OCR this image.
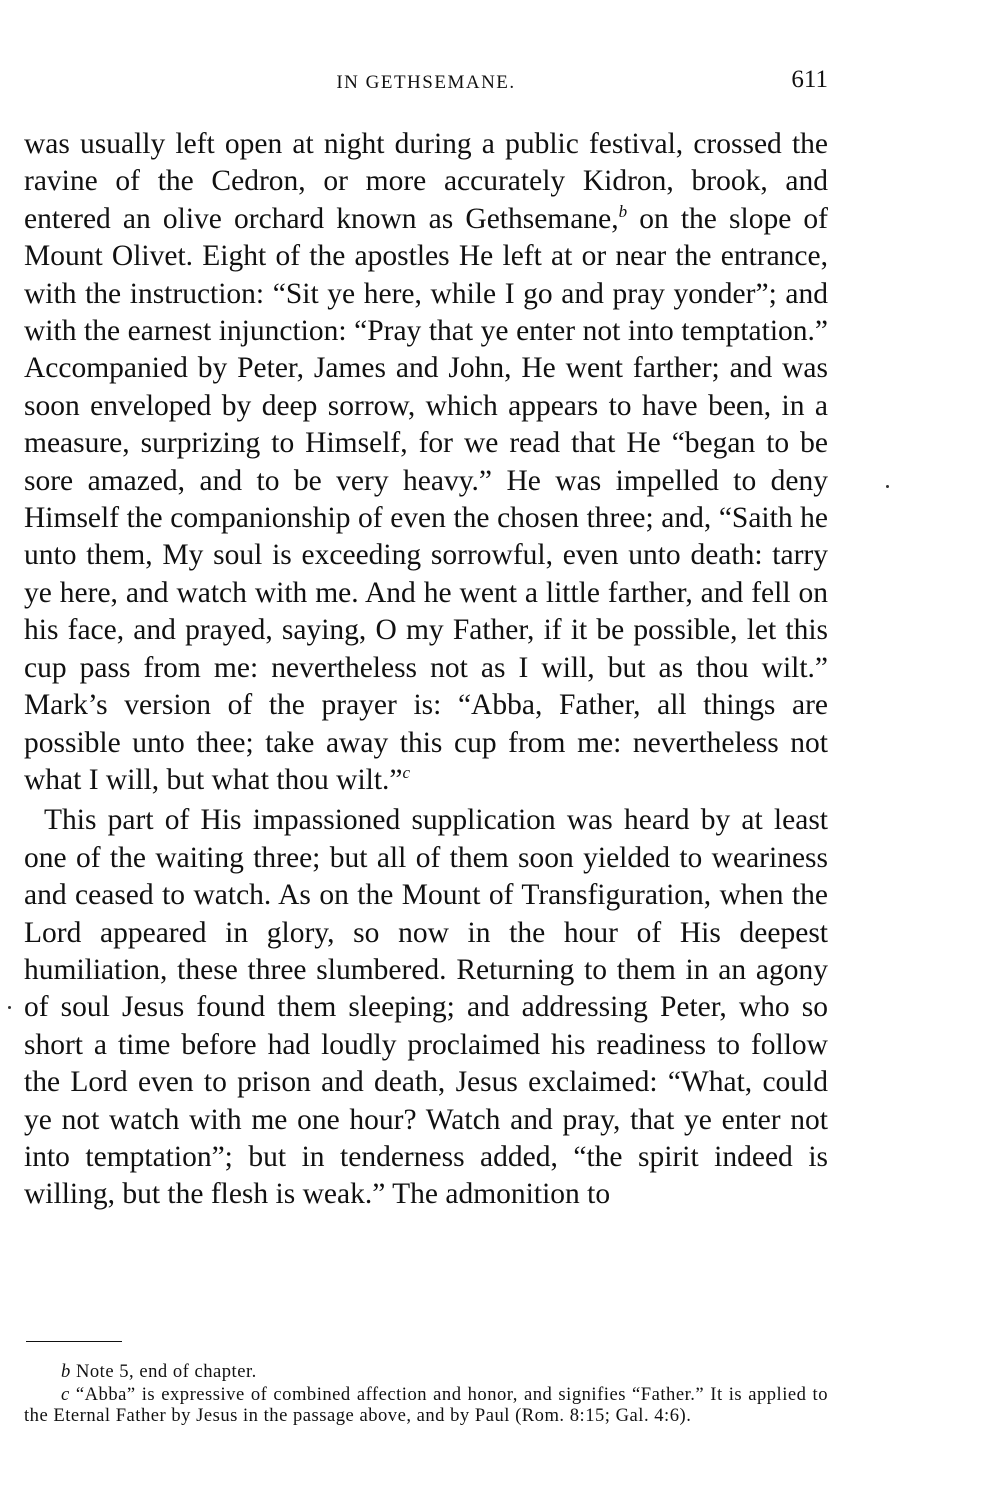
IN GETHSEMANE.	611

was usually left open at night during a public festival, crossed the ravine of the Cedron, or more accurately Kidron, brook, and entered an olive orchard known as Gethsemane,$^b$ on the slope of Mount Olivet. Eight of the apostles He left at or near the entrance, with the instruction: “Sit ye here, while I go and pray yonder”; and with the earnest injunction: “Pray that ye enter not into temptation.” Accompanied by Peter, James and John, He went farther; and was soon enveloped by deep sorrow, which appears to have been, in a measure, surprizing to Himself, for we read that He “began to be sore amazed, and to be very heavy.” He was impelled to deny Himself the companionship of even the chosen three; and, “Saith he unto them, My soul is exceeding sorrowful, even unto death: tarry ye here, and watch with me. And he went a little farther, and fell on his face, and prayed, saying, O my Father, if it be possible, let this cup pass from me: nevertheless not as I will, but as thou wilt.” Mark’s version of the prayer is: “Abba, Father, all things are possible unto thee; take away this cup from me: nevertheless not what I will, but what thou wilt.”$^c$

This part of His impassioned supplication was heard by at least one of the waiting three; but all of them soon yielded to weariness and ceased to watch. As on the Mount of Transfiguration, when the Lord appeared in glory, so now in the hour of His deepest humiliation, these three slumbered. Returning to them in an agony of soul Jesus found them sleeping; and addressing Peter, who so short a time before had loudly proclaimed his readiness to follow the Lord even to prison and death, Jesus exclaimed: “What, could ye not watch with me one hour? Watch and pray, that ye enter not into temptation”; but in tenderness added, “the spirit indeed is willing, but the flesh is weak.” The admonition to

b Note 5, end of chapter.

c “Abba” is expressive of combined affection and honor, and signifies “Father.” It is applied to the Eternal Father by Jesus in the passage above, and by Paul (Rom. 8:15; Gal. 4:6).
